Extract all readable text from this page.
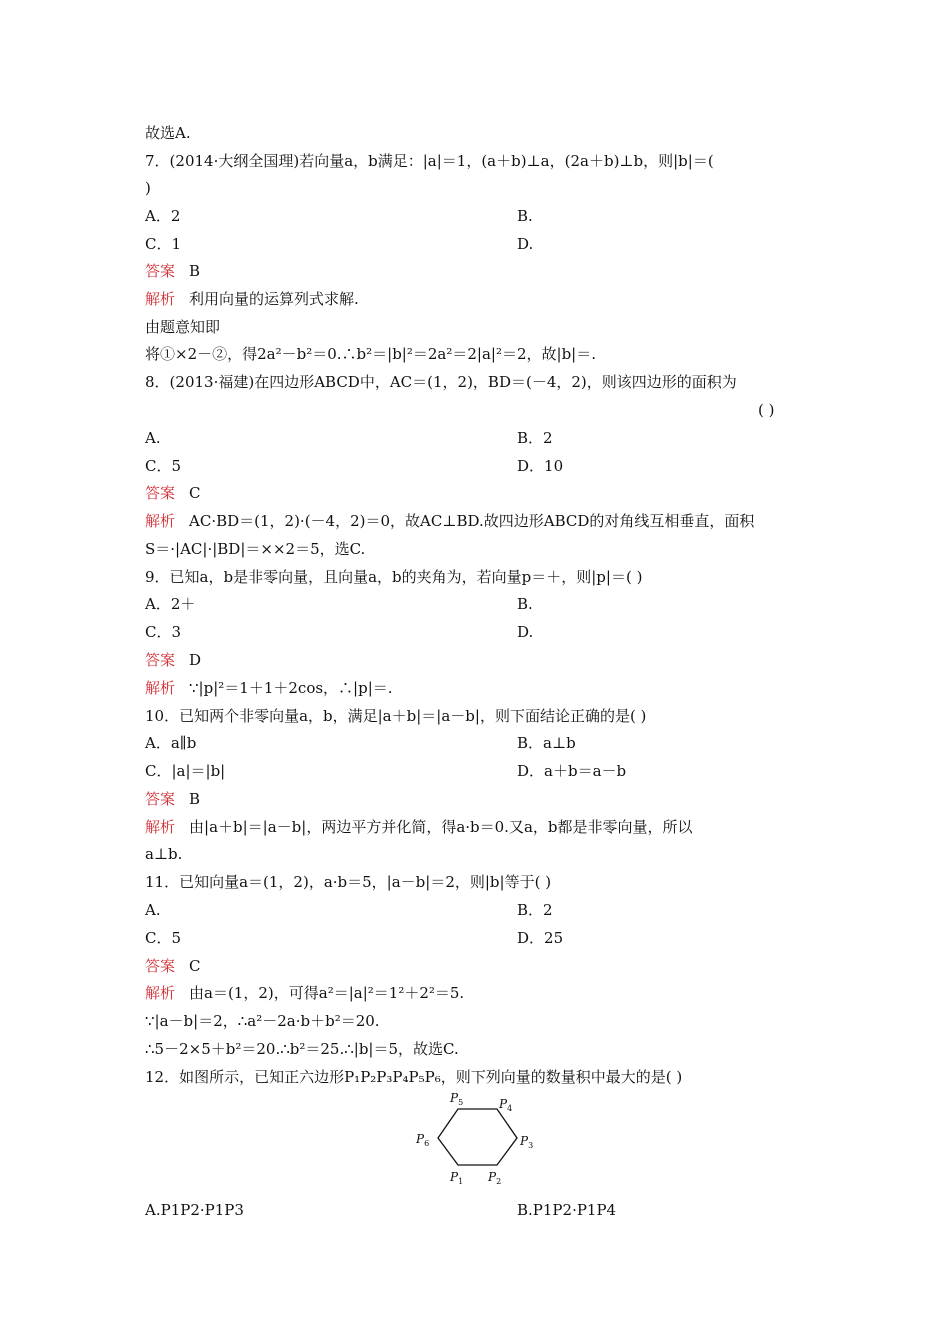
故选A.
7．(2014·大纲全国理)若向量a，b满足：|a|＝1，(a＋b)⊥a，(2a＋b)⊥b，则|b|＝(
)
A．2	B.
C．1	D.
答案 B
解析 利用向量的运算列式求解.
由题意知即
将①×2－②，得2a²－b²＝0.∴b²＝|b|²＝2a²＝2|a|²＝2，故|b|＝.
8．(2013·福建)在四边形ABCD中，AC＝(1，2)，BD＝(－4，2)，则该四边形的面积为
( )
A.	B．2
C．5	D．10
答案 C
解析 AC·BD＝(1，2)·(－4，2)＝0，故AC⊥BD.故四边形ABCD的对角线互相垂直，面积
S＝·|AC|·|BD|＝××2＝5，选C.
9．已知a，b是非零向量，且向量a，b的夹角为，若向量p＝＋，则|p|＝( )
A．2＋	B.
C．3	D.
答案 D
解析 ∵|p|²＝1＋1＋2cos，∴|p|＝.
10．已知两个非零向量a，b，满足|a＋b|＝|a－b|，则下面结论正确的是( )
A．a∥b	B．a⊥b
C．|a|＝|b|	D．a＋b＝a－b
答案 B
解析 由|a＋b|＝|a－b|，两边平方并化简，得a·b＝0.又a，b都是非零向量，所以
a⊥b.
11．已知向量a＝(1，2)，a·b＝5，|a－b|＝2，则|b|等于( )
A.	B．2
C．5	D．25
答案 C
解析 由a＝(1，2)，可得a²＝|a|²＝1²＋2²＝5.
∵|a－b|＝2，∴a²－2a·b＋b²＝20.
∴5－2×5＋b²＝20.∴b²＝25.∴|b|＝5，故选C.
12．如图所示，已知正六边形P₁P₂P₃P₄P₅P₆，则下列向量的数量积中最大的是( )
$P_5$	$P_4$
$P_6$	$P_3$
$P_1$ $P_2$
A.P1P2·P1P3	B.P1P2·P1P4
